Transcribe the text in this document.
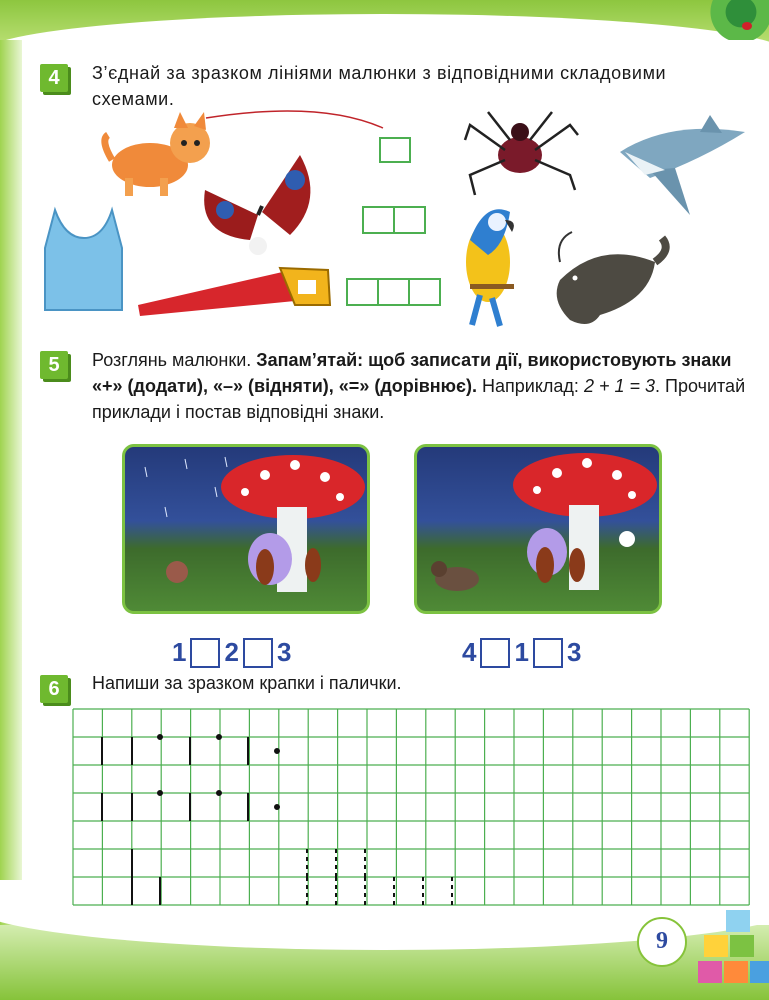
4	З’єднай за зразком лініями малюнки з відповідними складовими схемами.
5	Розглянь малюнки. Запам’ятай: щоб записати дії, використовують знаки «+» (додати), «–» (відняти), «=» (дорівнює). Наприклад: 2 + 1 = 3. Прочитай приклади і постав відповідні знаки.
1 2 3	4 1 3
6	Напиши за зразком крапки і палички.
9
